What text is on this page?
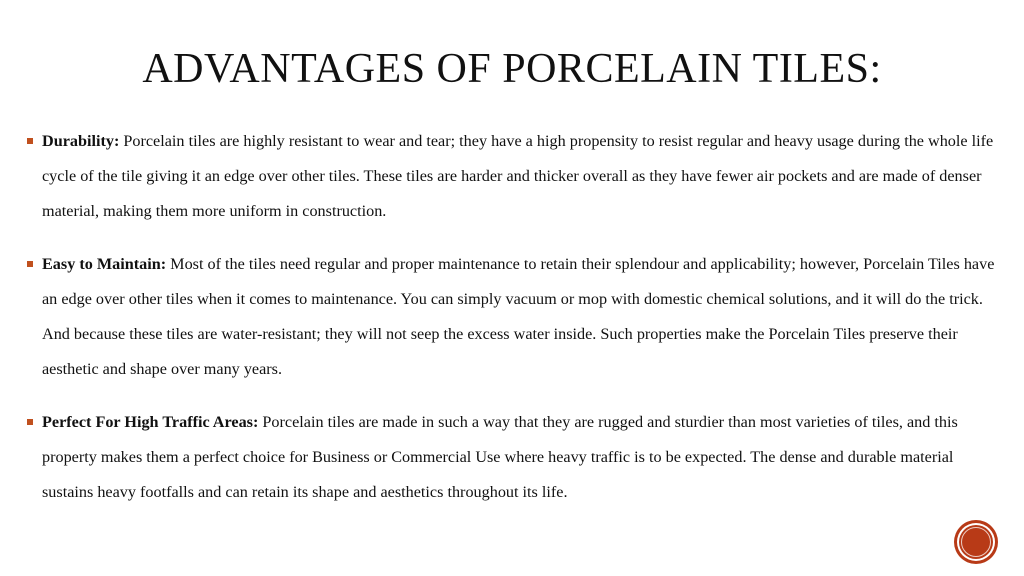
ADVANTAGES OF PORCELAIN TILES:
Durability: Porcelain tiles are highly resistant to wear and tear; they have a high propensity to resist regular and heavy usage during the whole life cycle of the tile giving it an edge over other tiles. These tiles are harder and thicker overall as they have fewer air pockets and are made of denser material, making them more uniform in construction.
Easy to Maintain: Most of the tiles need regular and proper maintenance to retain their splendour and applicability; however, Porcelain Tiles have an edge over other tiles when it comes to maintenance. You can simply vacuum or mop with domestic chemical solutions, and it will do the trick. And because these tiles are water-resistant; they will not seep the excess water inside. Such properties make the Porcelain Tiles preserve their aesthetic and shape over many years.
Perfect For High Traffic Areas: Porcelain tiles are made in such a way that they are rugged and sturdier than most varieties of tiles, and this property makes them a perfect choice for Business or Commercial Use where heavy traffic is to be expected. The dense and durable material sustains heavy footfalls and can retain its shape and aesthetics throughout its life.
